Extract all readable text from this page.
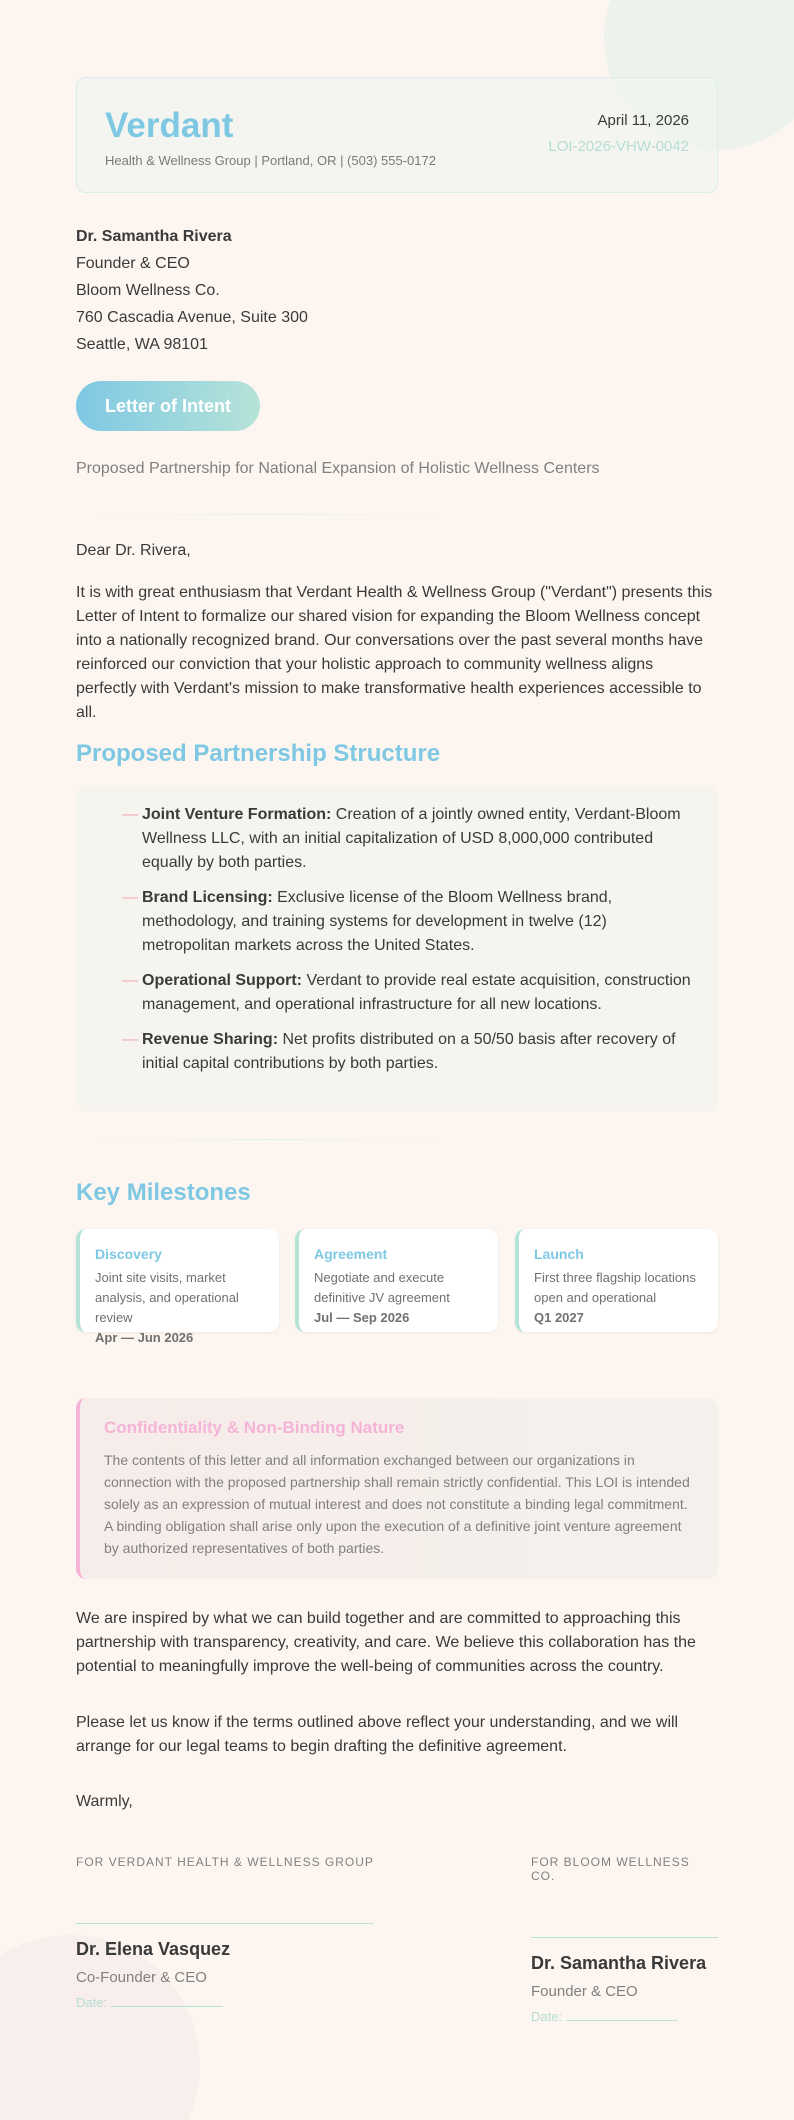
Verdant
Health & Wellness Group | Portland, OR | (503) 555-0172
April 11, 2026
LOI-2026-VHW-0042
Dr. Samantha Rivera
Founder & CEO
Bloom Wellness Co.
760 Cascadia Avenue, Suite 300
Seattle, WA 98101
Letter of Intent
Proposed Partnership for National Expansion of Holistic Wellness Centers
Dear Dr. Rivera,
It is with great enthusiasm that Verdant Health & Wellness Group ("Verdant") presents this Letter of Intent to formalize our shared vision for expanding the Bloom Wellness concept into a nationally recognized brand. Our conversations over the past several months have reinforced our conviction that your holistic approach to community wellness aligns perfectly with Verdant's mission to make transformative health experiences accessible to all.
Proposed Partnership Structure
— Joint Venture Formation: Creation of a jointly owned entity, Verdant-Bloom Wellness LLC, with an initial capitalization of USD 8,000,000 contributed equally by both parties.
— Brand Licensing: Exclusive license of the Bloom Wellness brand, methodology, and training systems for development in twelve (12) metropolitan markets across the United States.
— Operational Support: Verdant to provide real estate acquisition, construction management, and operational infrastructure for all new locations.
— Revenue Sharing: Net profits distributed on a 50/50 basis after recovery of initial capital contributions by both parties.
Key Milestones
Discovery
Joint site visits, market analysis, and operational review
Apr — Jun 2026
Agreement
Negotiate and execute definitive JV agreement
Jul — Sep 2026
Launch
First three flagship locations open and operational
Q1 2027
Confidentiality & Non-Binding Nature
The contents of this letter and all information exchanged between our organizations in connection with the proposed partnership shall remain strictly confidential. This LOI is intended solely as an expression of mutual interest and does not constitute a binding legal commitment. A binding obligation shall arise only upon the execution of a definitive joint venture agreement by authorized representatives of both parties.
We are inspired by what we can build together and are committed to approaching this partnership with transparency, creativity, and care. We believe this collaboration has the potential to meaningfully improve the well-being of communities across the country.
Please let us know if the terms outlined above reflect your understanding, and we will arrange for our legal teams to begin drafting the definitive agreement.
Warmly,
FOR VERDANT HEALTH & WELLNESS GROUP
Dr. Elena Vasquez
Co-Founder & CEO
Date:
FOR BLOOM WELLNESS CO.
Dr. Samantha Rivera
Founder & CEO
Date:
